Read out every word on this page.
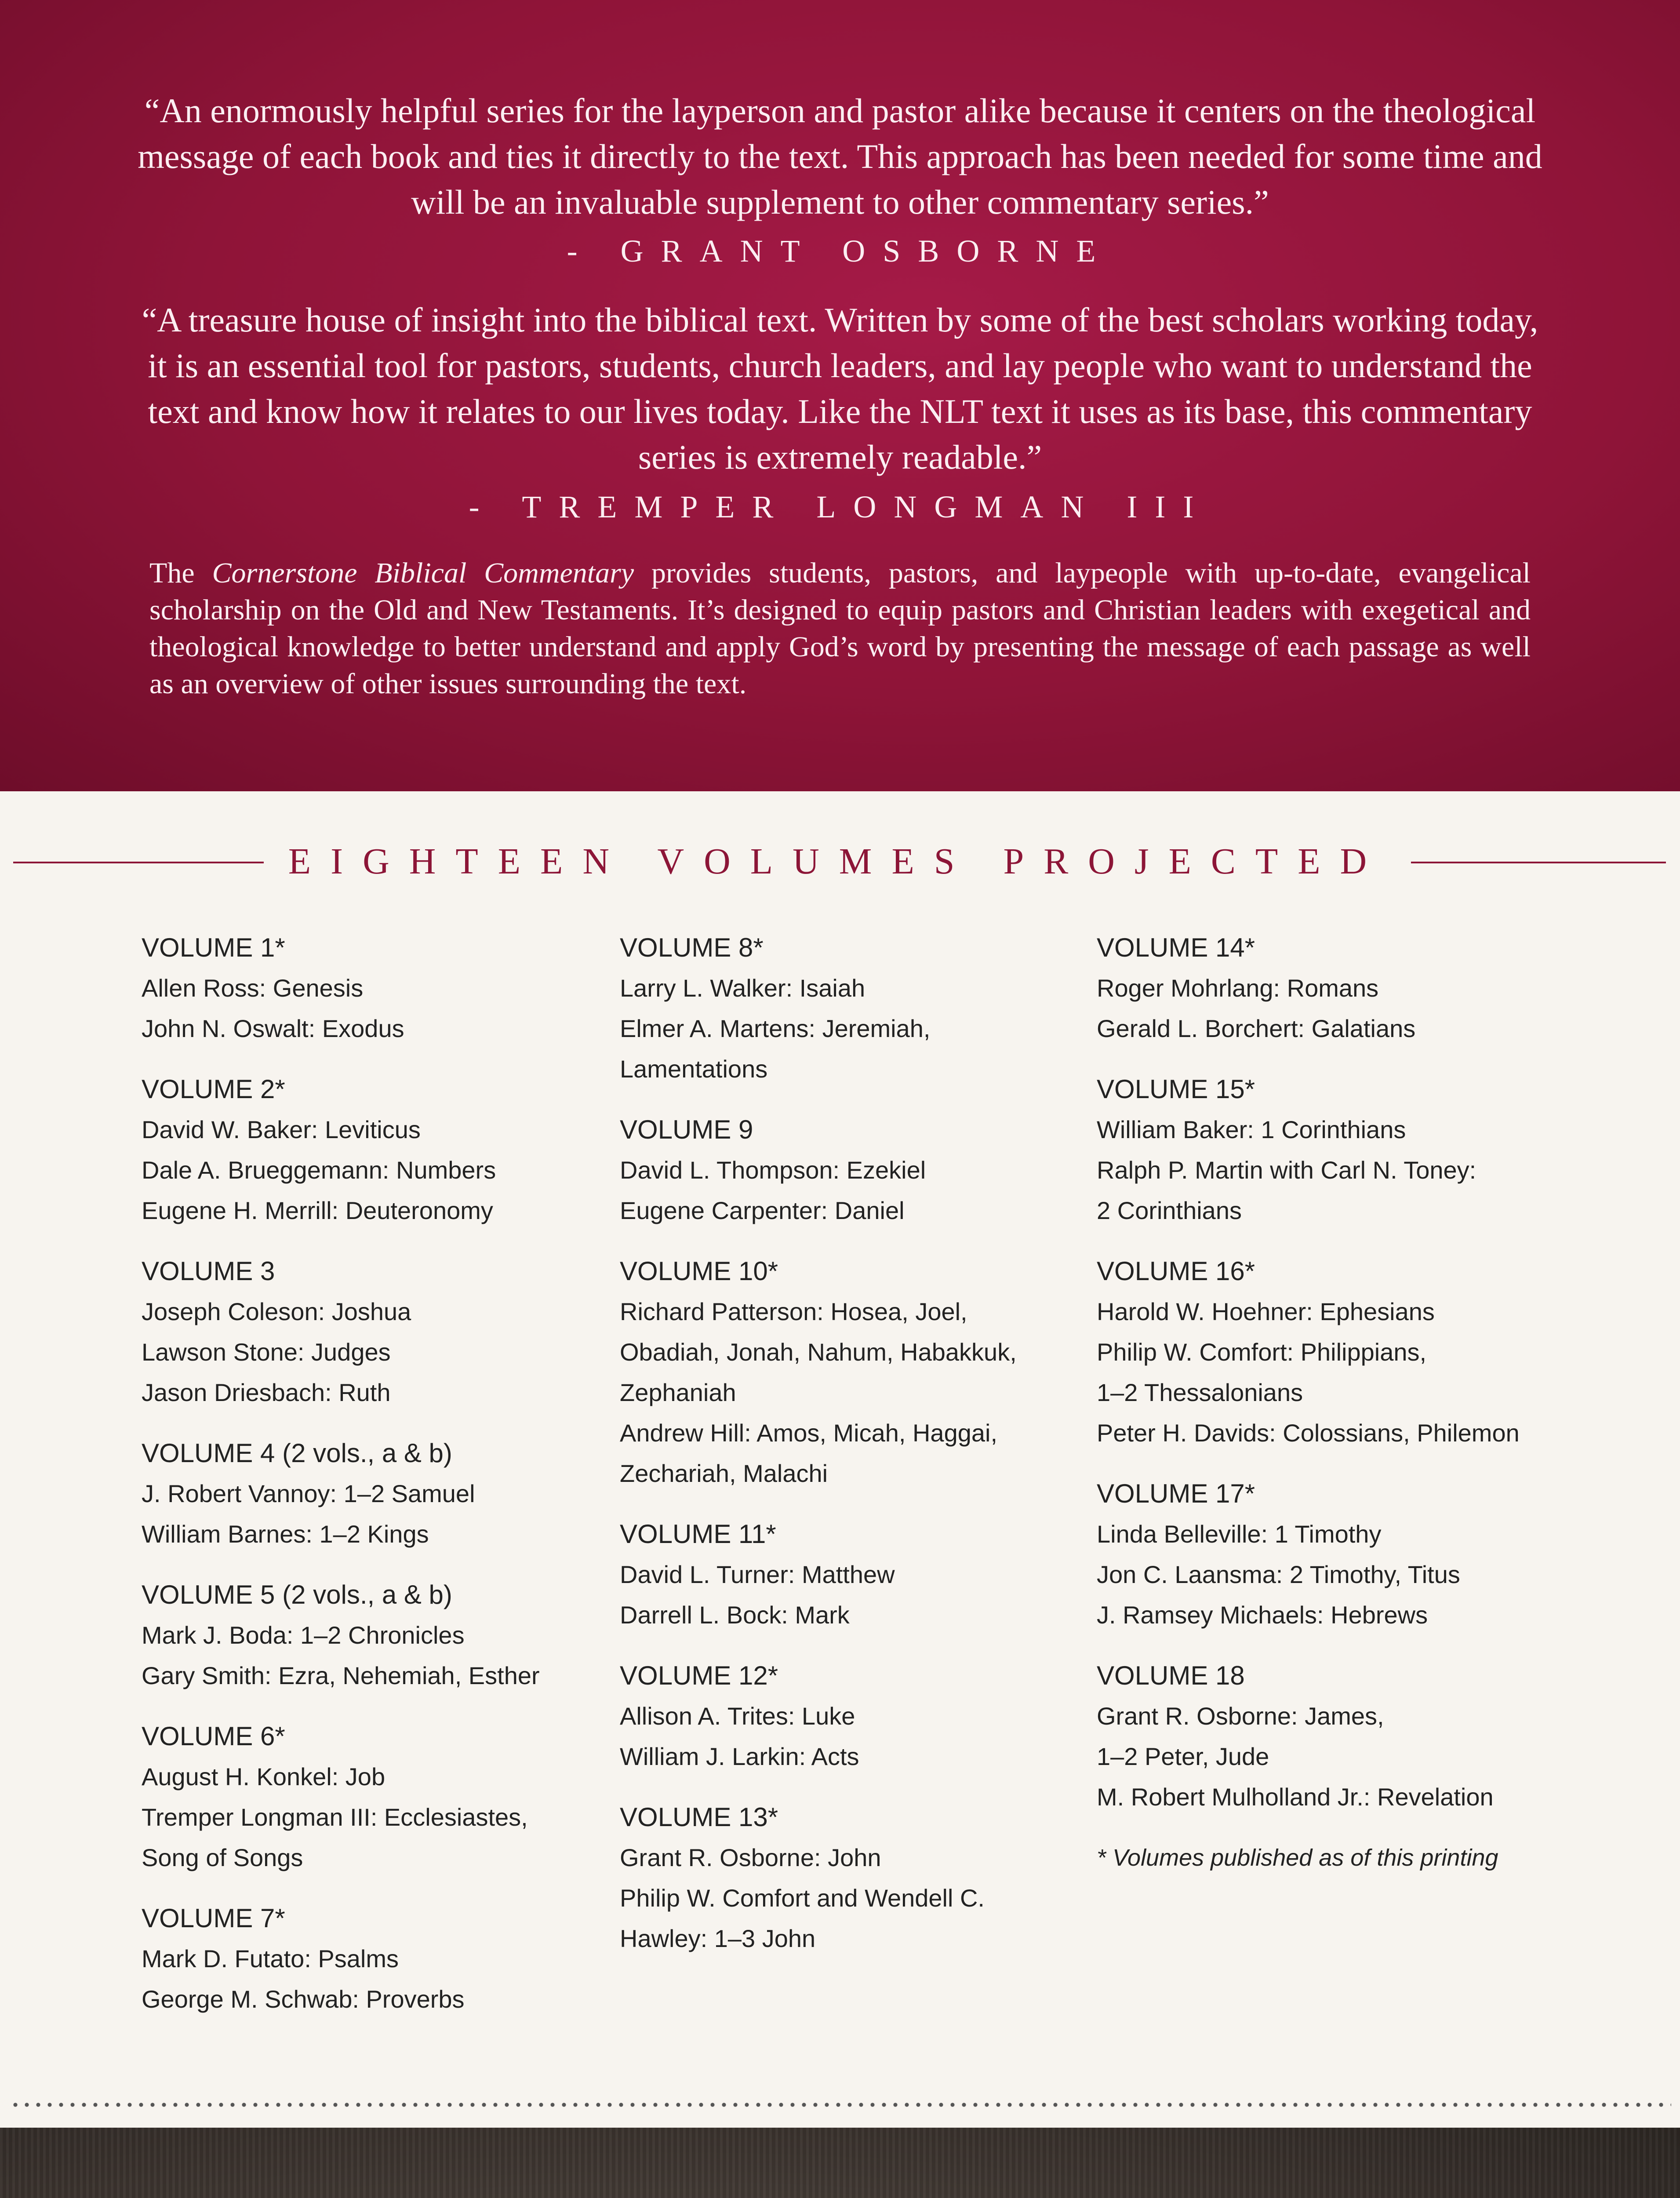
“An enormously helpful series for the layperson and pastor alike because it centers on the theological message of each book and ties it directly to the text. This approach has been needed for some time and will be an invaluable supplement to other commentary series.”

- GRANT OSBORNE

“A treasure house of insight into the biblical text. Written by some of the best scholars working today, it is an essential tool for pastors, students, church leaders, and lay people who want to understand the text and know how it relates to our lives today. Like the NLT text it uses as its base, this commentary series is extremely readable.”

- TREMPER LONGMAN III

The Cornerstone Biblical Commentary provides students, pastors, and laypeople with up-to-date, evangelical scholarship on the Old and New Testaments. It’s designed to equip pastors and Christian leaders with exegetical and theological knowledge to better understand and apply God’s word by presenting the message of each passage as well as an overview of other issues surrounding the text.

EIGHTEEN VOLUMES PROJECTED
VOLUME 1*
Allen Ross: Genesis
John N. Oswalt: Exodus
VOLUME 2*
David W. Baker: Leviticus
Dale A. Brueggemann: Numbers
Eugene H. Merrill: Deuteronomy
VOLUME 3
Joseph Coleson: Joshua
Lawson Stone: Judges
Jason Driesbach: Ruth
VOLUME 4 (2 vols., a & b)
J. Robert Vannoy: 1–2 Samuel
William Barnes: 1–2 Kings
VOLUME 5 (2 vols., a & b)
Mark J. Boda: 1–2 Chronicles
Gary Smith: Ezra, Nehemiah, Esther
VOLUME 6*
August H. Konkel: Job
Tremper Longman III: Ecclesiastes,
Song of Songs
VOLUME 7*
Mark D. Futato: Psalms
George M. Schwab: Proverbs
VOLUME 8*
Larry L. Walker: Isaiah
Elmer A. Martens: Jeremiah,
Lamentations
VOLUME 9
David L. Thompson: Ezekiel
Eugene Carpenter: Daniel
VOLUME 10*
Richard Patterson: Hosea, Joel,
Obadiah, Jonah, Nahum, Habakkuk,
Zephaniah
Andrew Hill: Amos, Micah, Haggai,
Zechariah, Malachi
VOLUME 11*
David L. Turner: Matthew
Darrell L. Bock: Mark
VOLUME 12*
Allison A. Trites: Luke
William J. Larkin: Acts
VOLUME 13*
Grant R. Osborne: John
Philip W. Comfort and Wendell C.
Hawley: 1–3 John
VOLUME 14*
Roger Mohrlang: Romans
Gerald L. Borchert: Galatians
VOLUME 15*
William Baker: 1 Corinthians
Ralph P. Martin with Carl N. Toney:
2 Corinthians
VOLUME 16*
Harold W. Hoehner: Ephesians
Philip W. Comfort: Philippians,
1–2 Thessalonians
Peter H. Davids: Colossians, Philemon
VOLUME 17*
Linda Belleville: 1 Timothy
Jon C. Laansma: 2 Timothy, Titus
J. Ramsey Michaels: Hebrews
VOLUME 18
Grant R. Osborne: James,
1–2 Peter, Jude
M. Robert Mulholland Jr.: Revelation
* Volumes published as of this printing
